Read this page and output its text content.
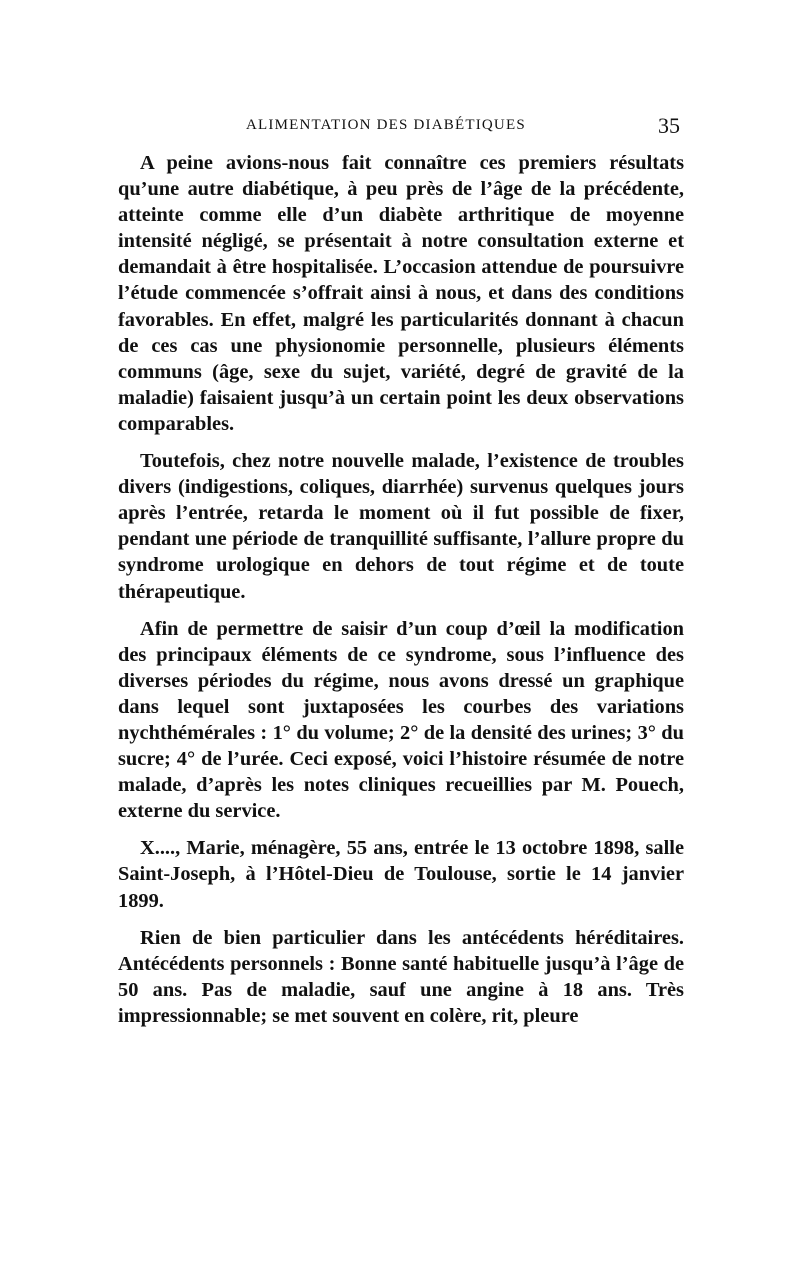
ALIMENTATION DES DIABÉTIQUES	35

A peine avions-nous fait connaître ces premiers résultats qu’une autre diabétique, à peu près de l’âge de la précédente, atteinte comme elle d’un diabète arthritique de moyenne intensité négligé, se présentait à notre consultation externe et demandait à être hospitalisée. L’occasion attendue de poursuivre l’étude commencée s’offrait ainsi à nous, et dans des conditions favorables. En effet, malgré les particularités donnant à chacun de ces cas une physionomie personnelle, plusieurs éléments communs (âge, sexe du sujet, variété, degré de gravité de la maladie) faisaient jusqu’à un certain point les deux observations comparables.

Toutefois, chez notre nouvelle malade, l’existence de troubles divers (indigestions, coliques, diarrhée) survenus quelques jours après l’entrée, retarda le moment où il fut possible de fixer, pendant une période de tranquillité suffisante, l’allure propre du syndrome urologique en dehors de tout régime et de toute thérapeutique.

Afin de permettre de saisir d’un coup d’œil la modification des principaux éléments de ce syndrome, sous l’influence des diverses périodes du régime, nous avons dressé un graphique dans lequel sont juxtaposées les courbes des variations nychthémérales : 1° du volume; 2° de la densité des urines; 3° du sucre; 4° de l’urée. Ceci exposé, voici l’histoire résumée de notre malade, d’après les notes cliniques recueillies par M. Pouech, externe du service.

X...., Marie, ménagère, 55 ans, entrée le 13 octobre 1898, salle Saint-Joseph, à l’Hôtel-Dieu de Toulouse, sortie le 14 janvier 1899.

Rien de bien particulier dans les antécédents héréditaires. Antécédents personnels : Bonne santé habituelle jusqu’à l’âge de 50 ans. Pas de maladie, sauf une angine à 18 ans. Très impressionnable; se met souvent en colère, rit, pleure
